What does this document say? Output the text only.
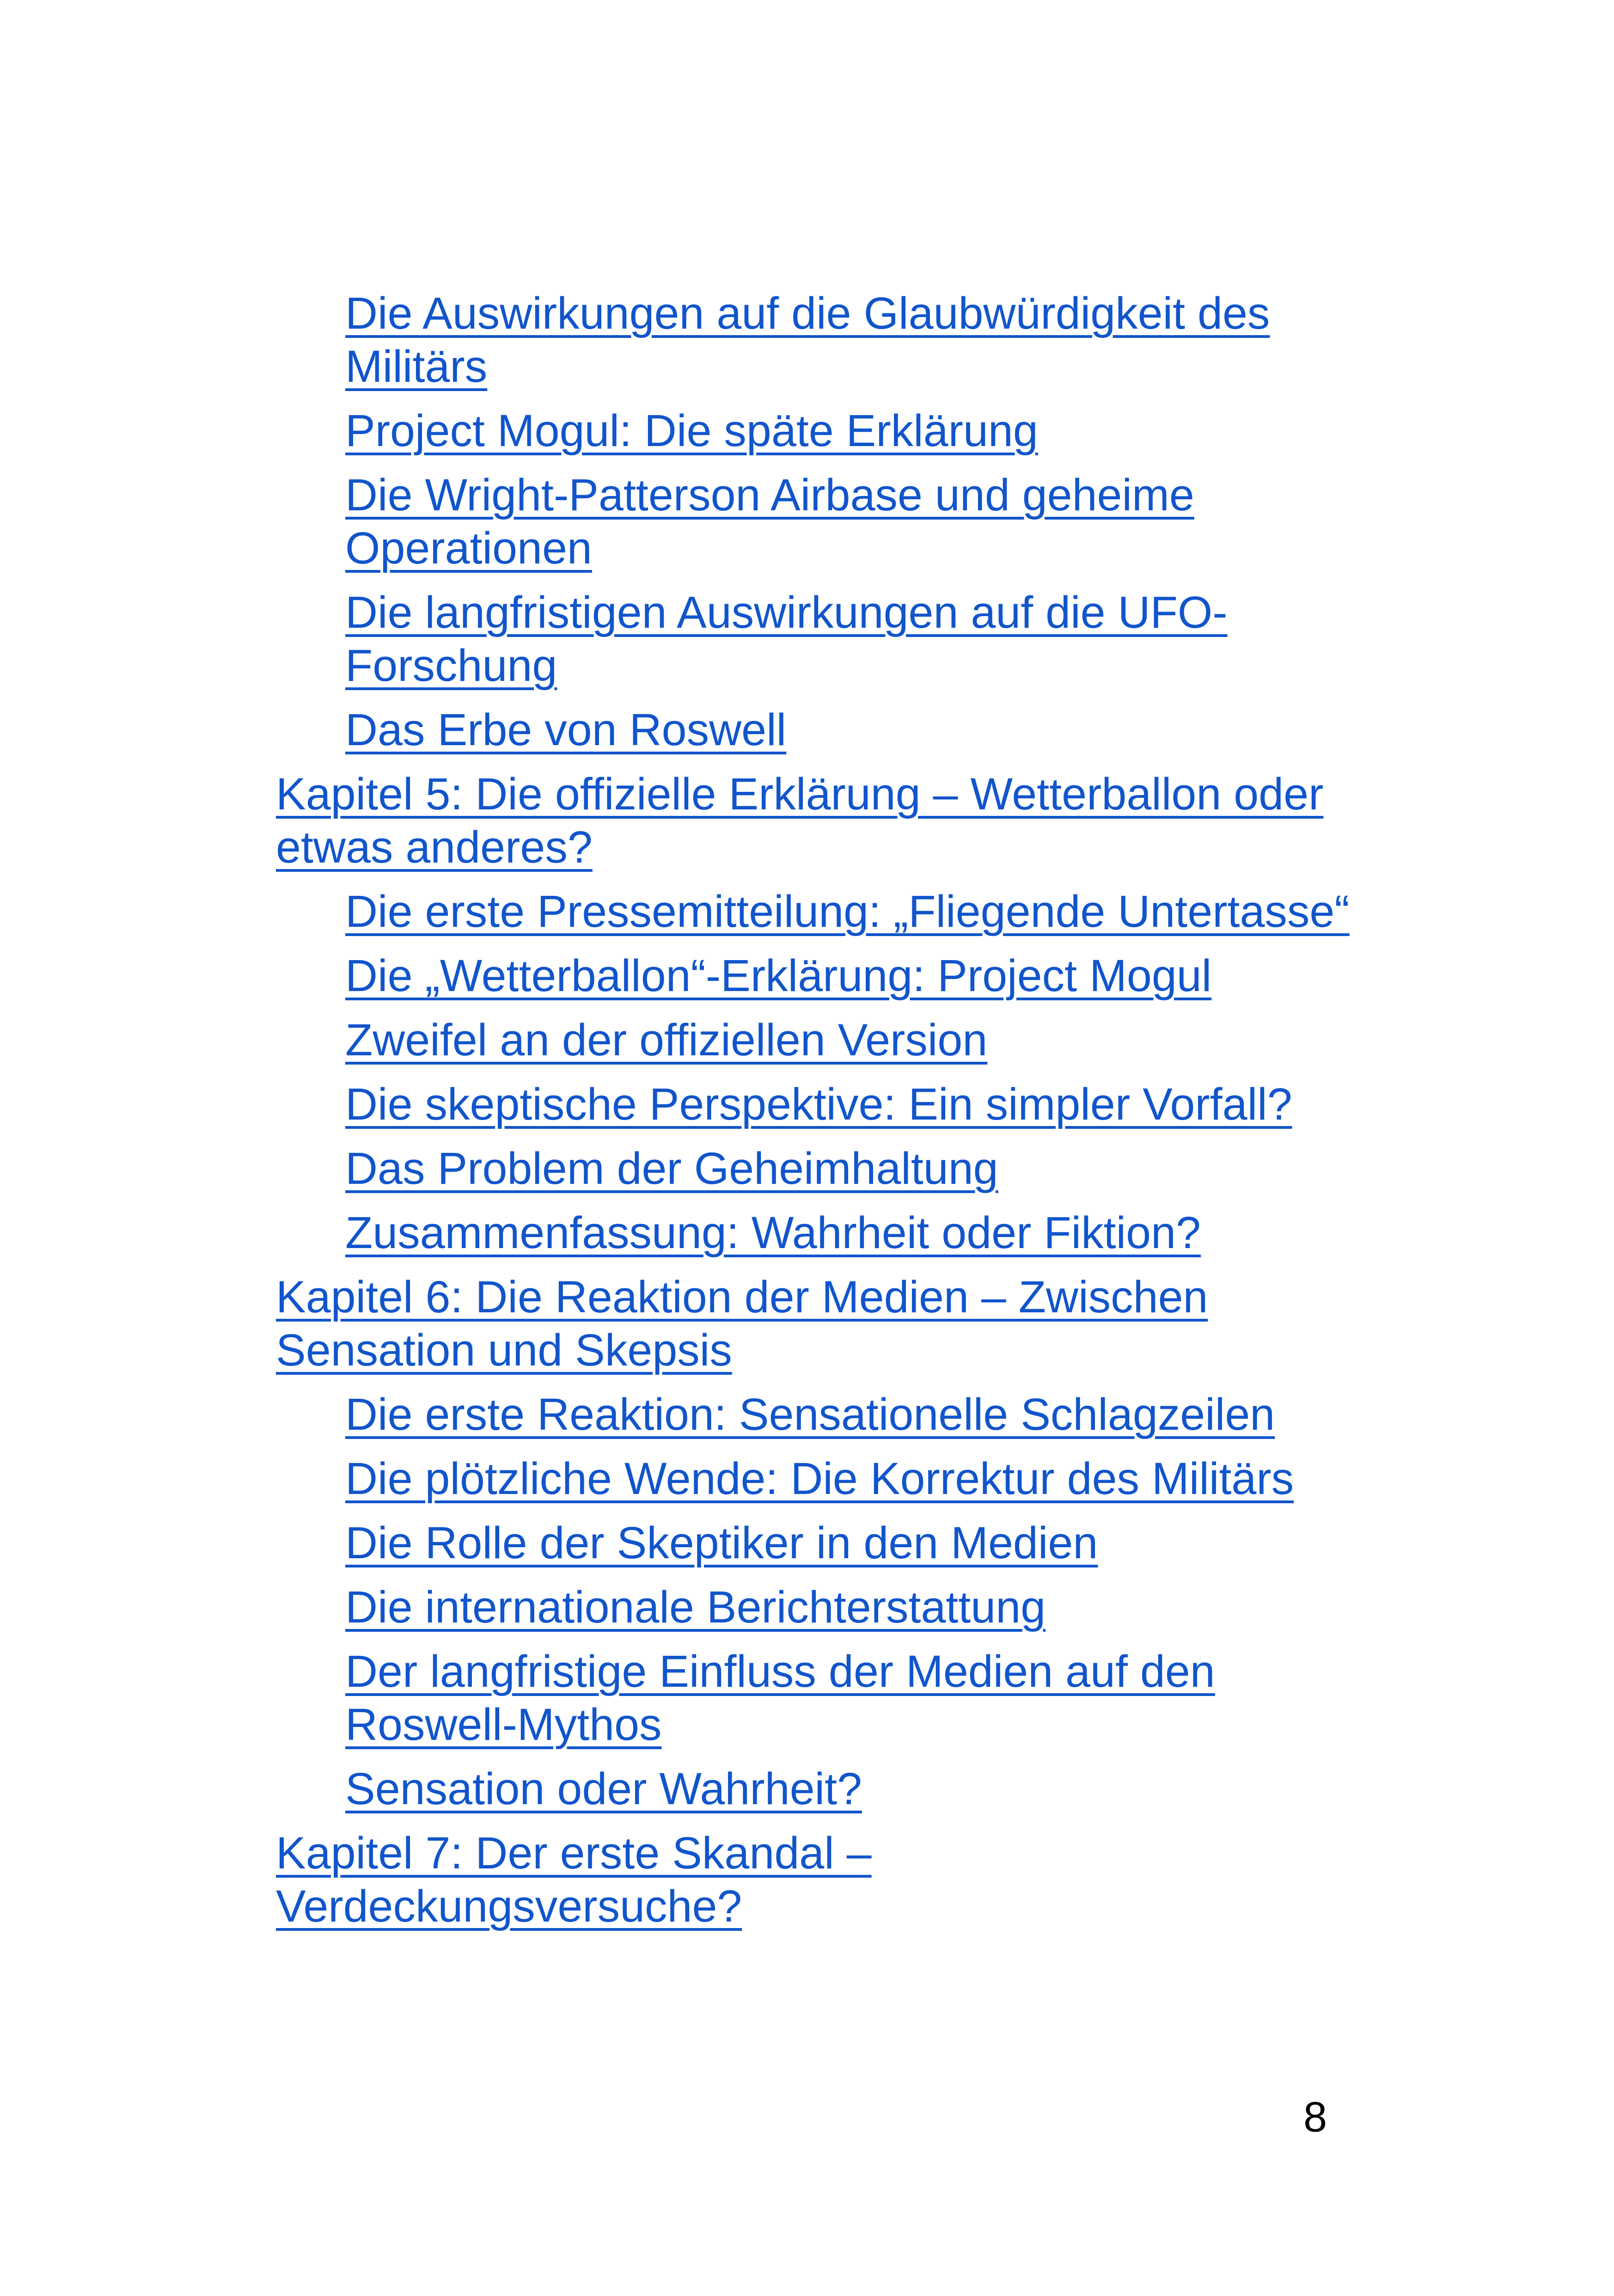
Die Auswirkungen auf die Glaubwürdigkeit des Militärs
Project Mogul: Die späte Erklärung
Die Wright-Patterson Airbase und geheime Operationen
Die langfristigen Auswirkungen auf die UFO-Forschung
Das Erbe von Roswell
Kapitel 5: Die offizielle Erklärung – Wetterballon oder etwas anderes?
Die erste Pressemitteilung: „Fliegende Untertasse“
Die „Wetterballon“-Erklärung: Project Mogul
Zweifel an der offiziellen Version
Die skeptische Perspektive: Ein simpler Vorfall?
Das Problem der Geheimhaltung
Zusammenfassung: Wahrheit oder Fiktion?
Kapitel 6: Die Reaktion der Medien – Zwischen Sensation und Skepsis
Die erste Reaktion: Sensationelle Schlagzeilen
Die plötzliche Wende: Die Korrektur des Militärs
Die Rolle der Skeptiker in den Medien
Die internationale Berichterstattung
Der langfristige Einfluss der Medien auf den Roswell-Mythos
Sensation oder Wahrheit?
Kapitel 7: Der erste Skandal – Verdeckungsversuche?
8
